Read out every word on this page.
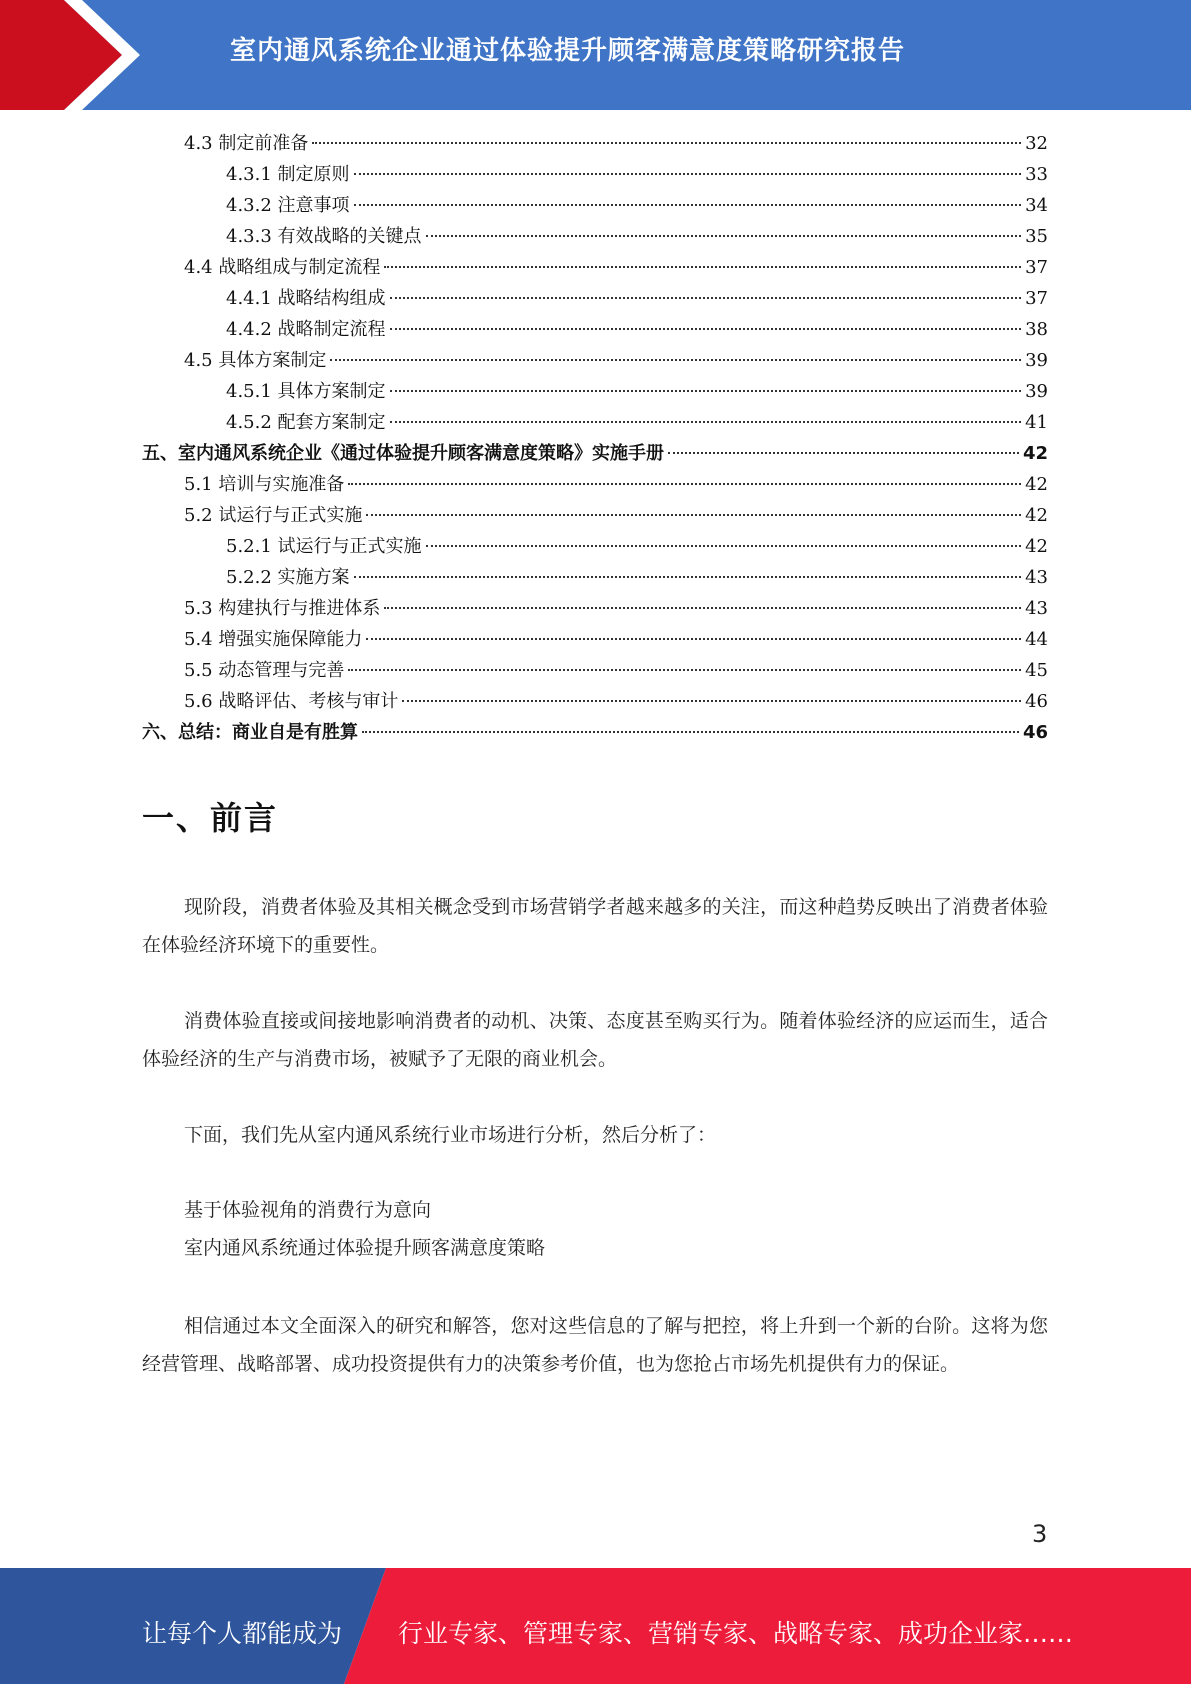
室内通风系统企业通过体验提升顾客满意度策略研究报告
4.3 制定前准备	32
4.3.1 制定原则	33
4.3.2 注意事项	34
4.3.3 有效战略的关键点	35
4.4 战略组成与制定流程	37
4.4.1 战略结构组成	37
4.4.2 战略制定流程	38
4.5 具体方案制定	39
4.5.1 具体方案制定	39
4.5.2 配套方案制定	41
五、室内通风系统企业《通过体验提升顾客满意度策略》实施手册	42
5.1 培训与实施准备	42
5.2 试运行与正式实施	42
5.2.1 试运行与正式实施	42
5.2.2 实施方案	43
5.3 构建执行与推进体系	43
5.4 增强实施保障能力	44
5.5 动态管理与完善	45
5.6 战略评估、考核与审计	46
六、总结：商业自是有胜算	46
一、前言
现阶段，消费者体验及其相关概念受到市场营销学者越来越多的关注，而这种趋势反映出了消费者体验在体验经济环境下的重要性。
消费体验直接或间接地影响消费者的动机、决策、态度甚至购买行为。随着体验经济的应运而生，适合体验经济的生产与消费市场，被赋予了无限的商业机会。
下面，我们先从室内通风系统行业市场进行分析，然后分析了：
基于体验视角的消费行为意向
室内通风系统通过体验提升顾客满意度策略
相信通过本文全面深入的研究和解答，您对这些信息的了解与把控，将上升到一个新的台阶。这将为您经营管理、战略部署、成功投资提供有力的决策参考价值，也为您抢占市场先机提供有力的保证。
3
让每个人都能成为 行业专家、管理专家、营销专家、战略专家、成功企业家……
